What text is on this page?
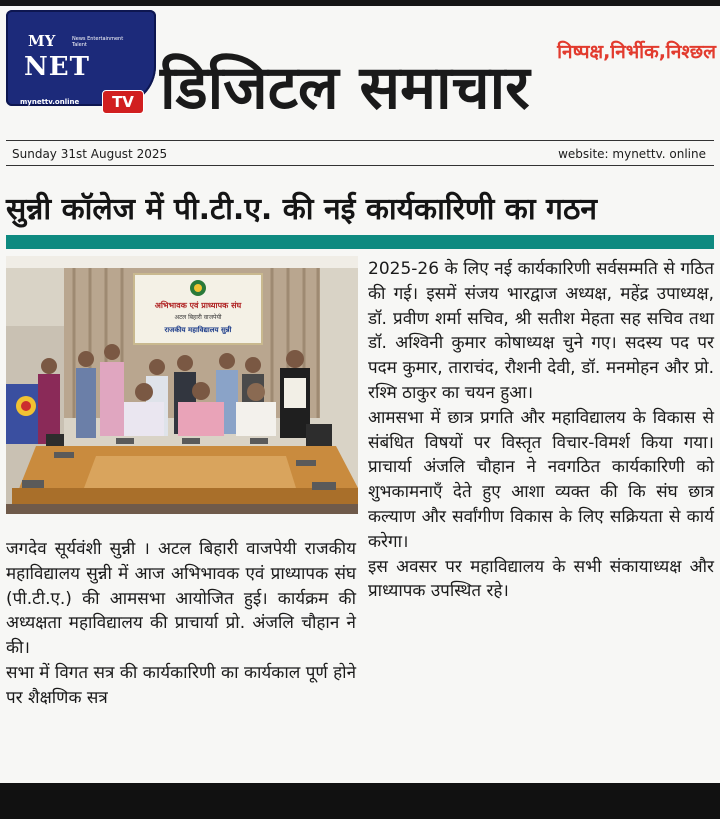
MY	News Entertainment Talent
NET
mynettv.online	TV
निष्पक्ष,निर्भीक,निश्छल
डिजिटल समाचार
Sunday 31st August 2025	website: mynettv. online
सुन्नी कॉलेज में पी.टी.ए. की नई कार्यकारिणी का गठन
अभिभावक एवं प्राध्यापक संघ
अटल बिहारी वाजपेयी
राजकीय महाविद्यालय सुन्नी

2025-26 के लिए नई कार्यकारिणी सर्वसम्मति से गठित की गई। इसमें संजय भारद्वाज अध्यक्ष, महेंद्र उपाध्यक्ष, डॉ. प्रवीण शर्मा सचिव, श्री सतीश मेहता सह सचिव तथा डॉ. अश्विनी कुमार कोषाध्यक्ष चुने गए। सदस्य पद पर पदम कुमार, ताराचंद, रौशनी देवी, डॉ. मनमोहन और प्रो. रश्मि ठाकुर का चयन हुआ।

आमसभा में छात्र प्रगति और महाविद्यालय के विकास से संबंधित विषयों पर विस्तृत विचार-विमर्श किया गया। प्राचार्या अंजलि चौहान ने नवगठित कार्यकारिणी को शुभकामनाएँ देते हुए आशा व्यक्त की कि संघ छात्र कल्याण और सर्वांगीण विकास के लिए सक्रियता से कार्य करेगा।

इस अवसर पर महाविद्यालय के सभी संकायाध्यक्ष और प्राध्यापक उपस्थित रहे।

जगदेव सूर्यवंशी सुन्नी । अटल बिहारी वाजपेयी राजकीय महाविद्यालय सुन्नी में आज अभिभावक एवं प्राध्यापक संघ (पी.टी.ए.) की आमसभा आयोजित हुई। कार्यक्रम की अध्यक्षता महाविद्यालय की प्राचार्या प्रो. अंजलि चौहान ने की।

सभा में विगत सत्र की कार्यकारिणी का कार्यकाल पूर्ण होने पर शैक्षणिक सत्र
